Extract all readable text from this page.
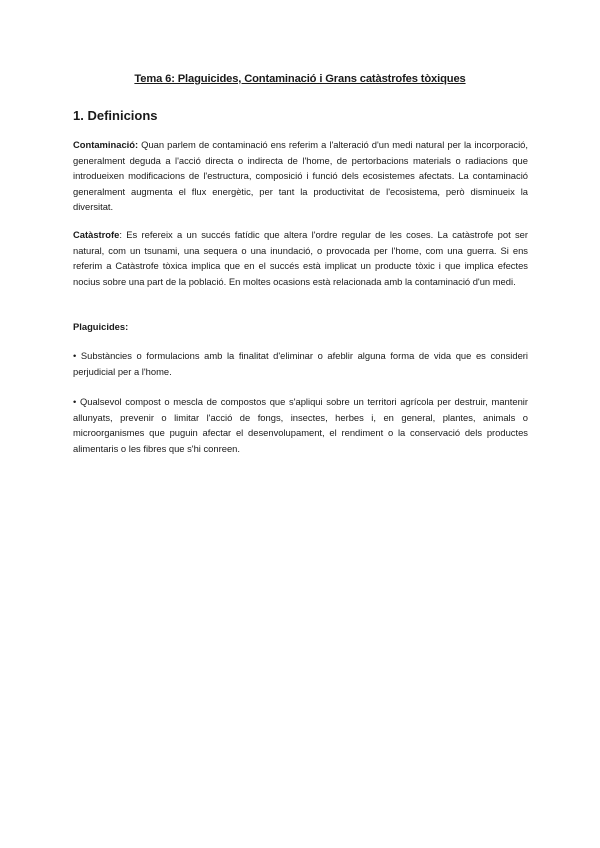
Tema 6: Plaguicides, Contaminació i Grans catàstrofes tòxiques
1. Definicions
Contaminació: Quan parlem de contaminació ens referim a l'alteració d'un medi natural per la incorporació, generalment deguda a l'acció directa o indirecta de l'home, de pertorbacions materials o radiacions que introdueixen modificacions de l'estructura, composició i funció dels ecosistemes afectats. La contaminació generalment augmenta el flux energètic, per tant la productivitat de l'ecosistema, però disminueix la diversitat.
Catàstrofe: Es refereix a un succés fatídic que altera l'ordre regular de les coses. La catàstrofe pot ser natural, com un tsunami, una sequera o una inundació, o provocada per l'home, com una guerra. Si ens referim a Catàstrofe tòxica implica que en el succés està implicat un producte tòxic i que implica efectes nocius sobre una part de la població. En moltes ocasions està relacionada amb la contaminació d'un medi.
Plaguicides:
• Substàncies o formulacions amb la finalitat d'eliminar o afeblir alguna forma de vida que es consideri perjudicial per a l'home.
• Qualsevol compost o mescla de compostos que s'apliqui sobre un territori agrícola per destruir, mantenir allunyats, prevenir o limitar l'acció de fongs, insectes, herbes i, en general, plantes, animals o microorganismes que puguin afectar el desenvolupament, el rendiment o la conservació dels productes alimentaris o les fibres que s'hi conreen.
